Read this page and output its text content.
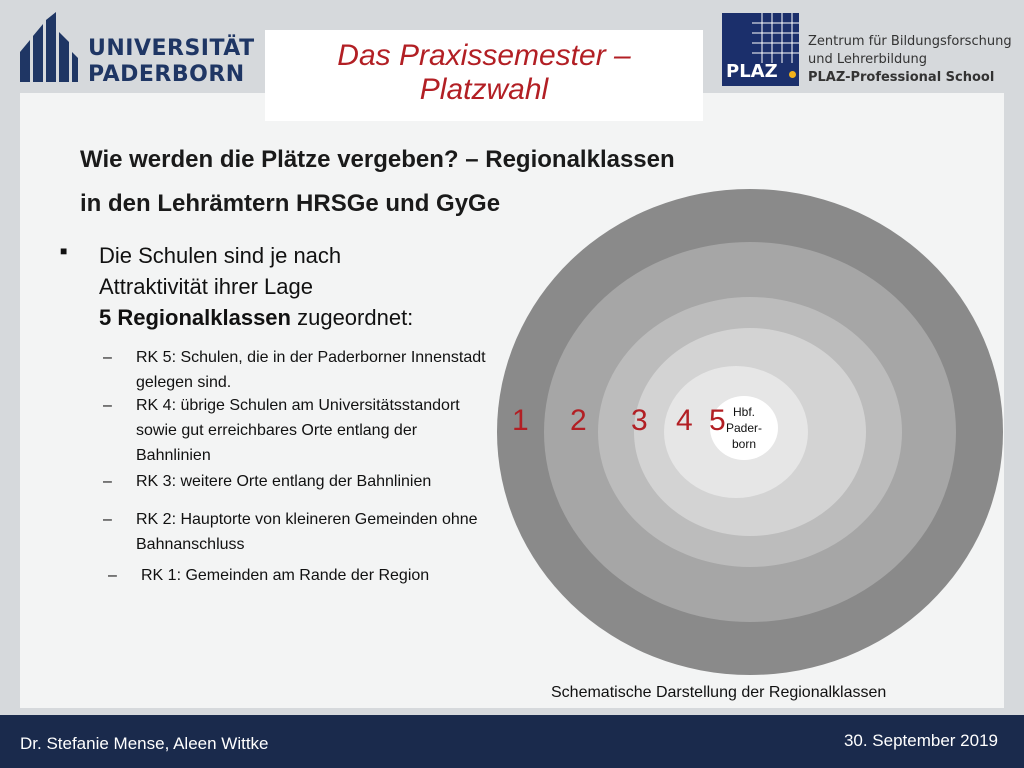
UNIVERSITÄT
PADERBORN

Das Praxissemester –
Platzwahl
PLAZ
Zentrum für Bildungsforschung
und Lehrerbildung
PLAZ-Professional School
1 2 3 4 5 Hbf.
Pader-
born
Wie werden die Plätze vergeben? – Regionalklassen
in den Lehrämtern HRSGe und GyGe
■ Die Schulen sind je nach
Attraktivität ihrer Lage
5 Regionalklassen zugeordnet:
– RK 5: Schulen, die in der Paderborner Innenstadt
gelegen sind.
– RK 4: übrige Schulen am Universitätsstandort
sowie gut erreichbares Orte entlang der
Bahnlinien
– RK 3: weitere Orte entlang der Bahnlinien
– RK 2: Hauptorte von kleineren Gemeinden ohne
Bahnanschluss
– RK 1: Gemeinden am Rande der Region
Schematische Darstellung der Regionalklassen
Dr. Stefanie Mense, Aleen Wittke	30. September 2019
